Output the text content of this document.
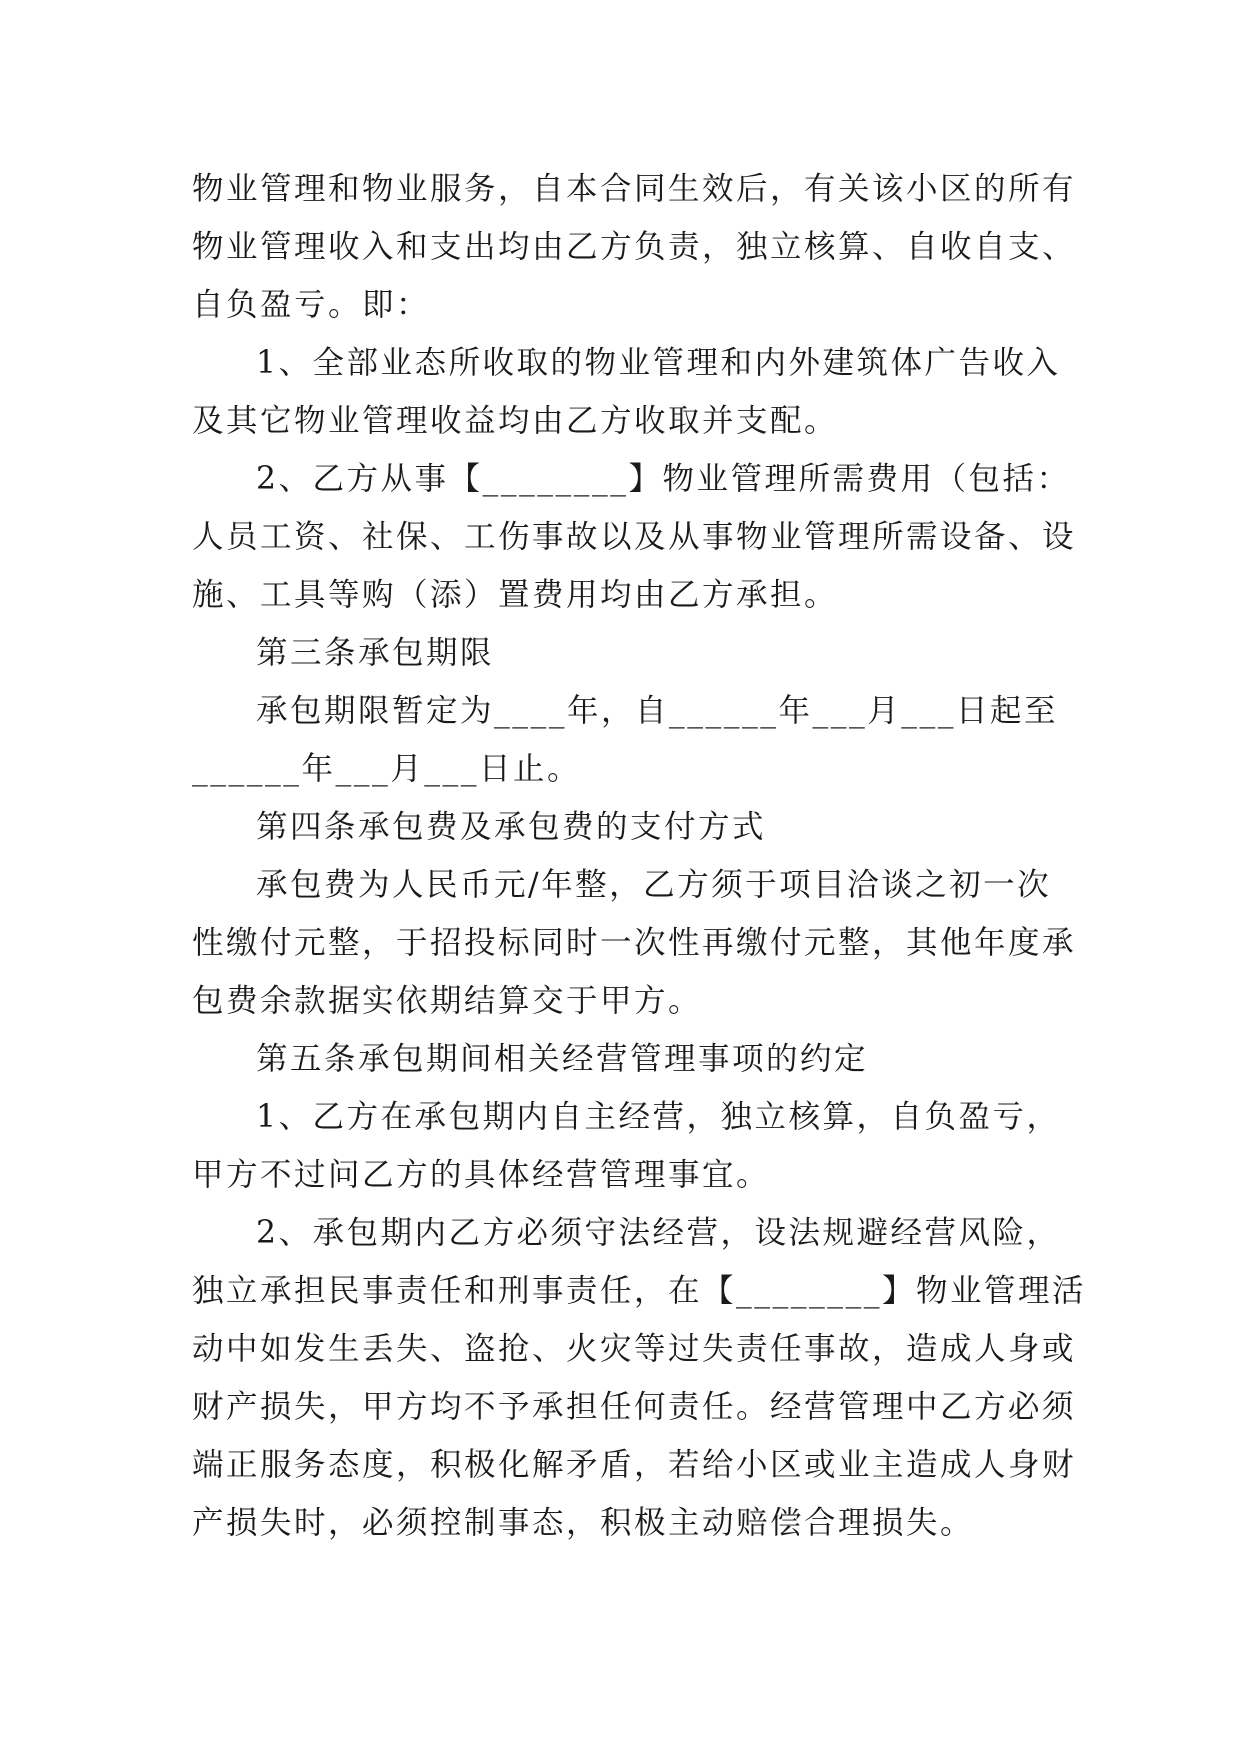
物业管理和物业服务，自本合同生效后，有关该小区的所有
物业管理收入和支出均由乙方负责，独立核算、自收自支、
自负盈亏。即：
1、全部业态所收取的物业管理和内外建筑体广告收入
及其它物业管理收益均由乙方收取并支配。
2、乙方从事【________】物业管理所需费用（包括：
人员工资、社保、工伤事故以及从事物业管理所需设备、设
施、工具等购（添）置费用均由乙方承担。
第三条承包期限
承包期限暂定为____年，自______年___月___日起至
______年___月___日止。
第四条承包费及承包费的支付方式
承包费为人民币元/年整，乙方须于项目洽谈之初一次
性缴付元整，于招投标同时一次性再缴付元整，其他年度承
包费余款据实依期结算交于甲方。
第五条承包期间相关经营管理事项的约定
1、乙方在承包期内自主经营，独立核算，自负盈亏，
甲方不过问乙方的具体经营管理事宜。
2、承包期内乙方必须守法经营，设法规避经营风险，
独立承担民事责任和刑事责任，在【________】物业管理活
动中如发生丢失、盗抢、火灾等过失责任事故，造成人身或
财产损失，甲方均不予承担任何责任。经营管理中乙方必须
端正服务态度，积极化解矛盾，若给小区或业主造成人身财
产损失时，必须控制事态，积极主动赔偿合理损失。
